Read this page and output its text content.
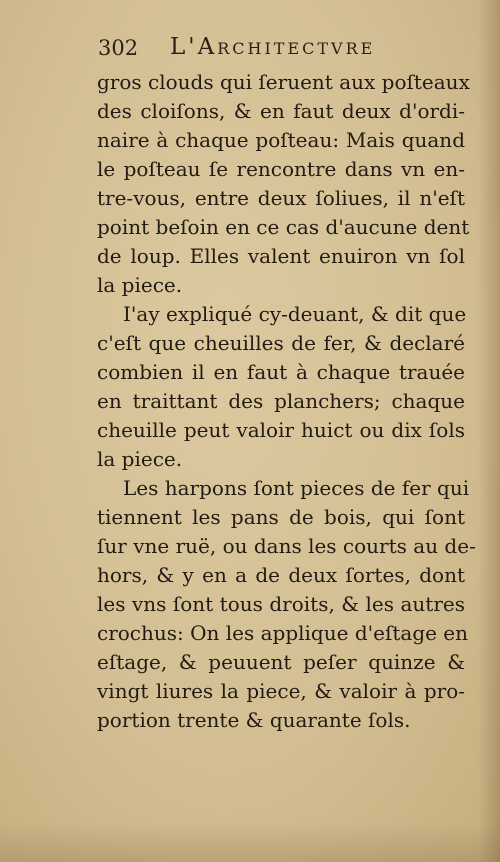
302 L'Architectvre
gros clouds qui ſeruent aux poſteaux
des cloiſons, & en faut deux d'ordi-
naire à chaque poſteau: Mais quand
le poſteau ſe rencontre dans vn en-
tre-vous, entre deux ſoliues, il n'eſt
point beſoin en ce cas d'aucune dent
de loup. Elles valent enuiron vn ſol
la piece.
I'ay expliqué cy-deuant, & dit que
c'eſt que cheuilles de fer, & declaré
combien il en faut à chaque trauée
en traittant des planchers; chaque
cheuille peut valoir huict ou dix ſols
la piece.
Les harpons ſont pieces de fer qui
tiennent les pans de bois, qui ſont
ſur vne ruë, ou dans les courts au de-
hors, & y en a de deux ſortes, dont
les vns ſont tous droits, & les autres
crochus: On les applique d'eſtage en
eſtage, & peuuent peſer quinze &
vingt liures la piece, & valoir à pro-
portion trente & quarante ſols.
